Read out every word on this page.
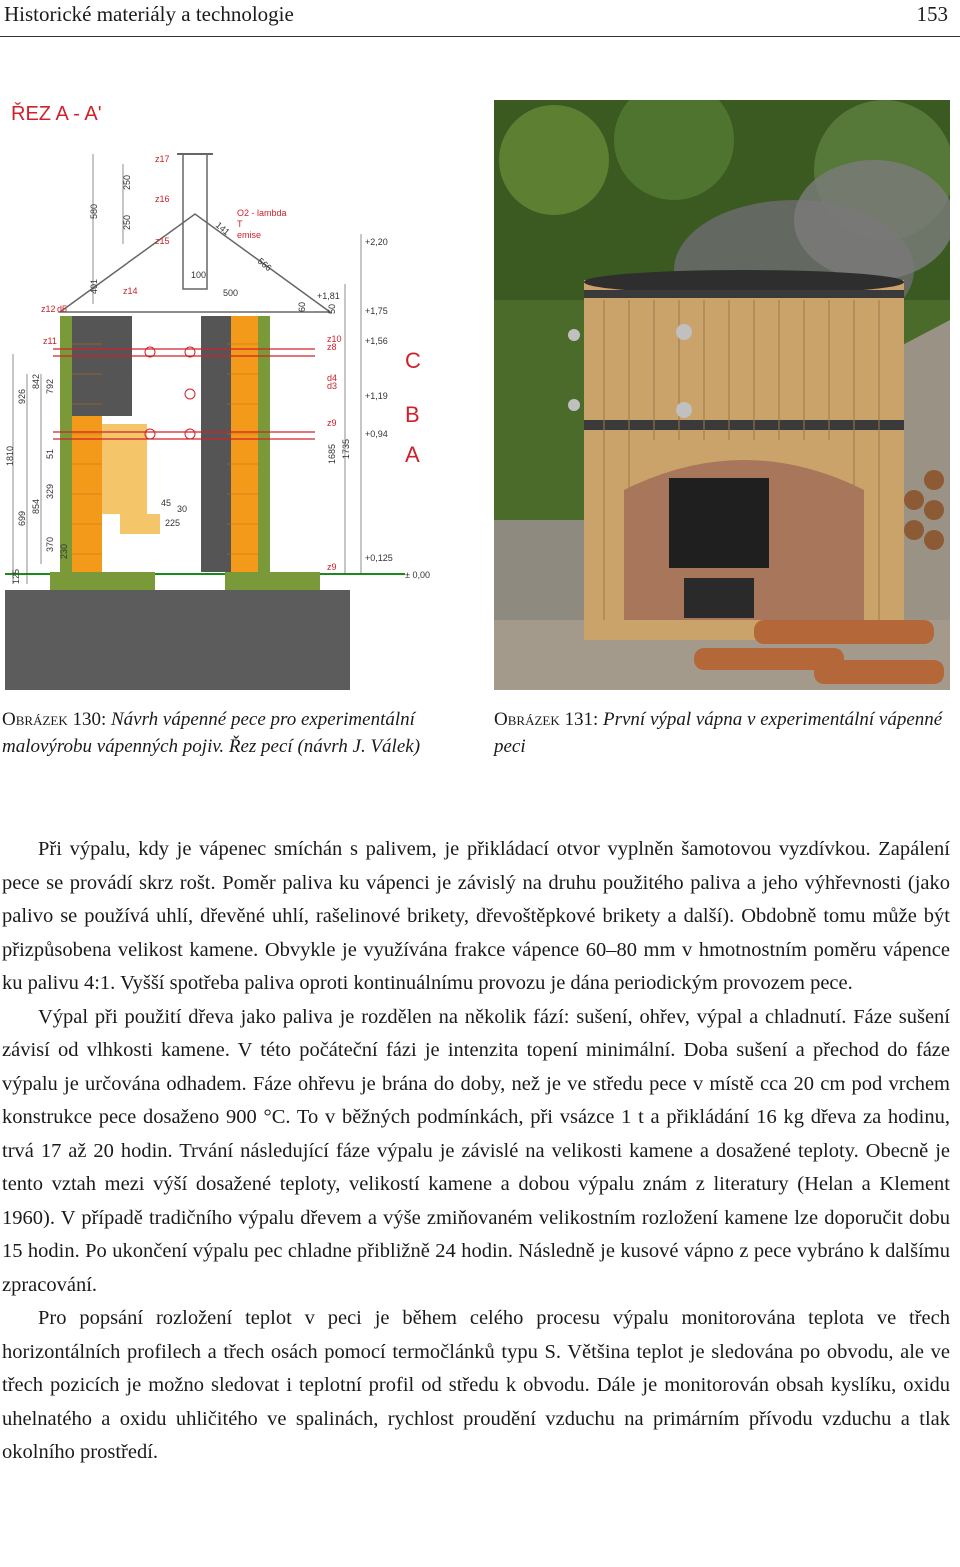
Historické materiály a technologie	153
ŘEZ A - A'
+2,20
+1,81
+1,75
+1,56
+1,19
+0,94
+0,125
± 0,00
z17
z16
z15
z14
z12 d5
z11	z10
z8
d4
d3
z9
z9
580
250
250
401
926
842 792
1810	51
699
854
329
370 230
125
100
500
60 50
1685 1735
45
30
225
141
566
O2 - lambda
T
emise
C
B
A
Obrázek 130: Návrh vápenné pece pro experimentální malovýrobu vápenných pojiv. Řez pecí (návrh J. Válek)
Obrázek 131: První výpal vápna v experimentální vápenné peci

Při výpalu, kdy je vápenec smíchán s palivem, je přikládací otvor vyplněn šamotovou vyzdívkou. Zapálení pece se provádí skrz rošt. Poměr paliva ku vápenci je závislý na druhu použitého paliva a jeho výhřevnosti (jako palivo se používá uhlí, dřevěné uhlí, rašelinové brikety, dřevoštěpkové brikety a další). Obdobně tomu může být přizpůsobena velikost kamene. Obvykle je využívána frakce vápence 60–80 mm v hmotnostním poměru vápence ku palivu 4:1. Vyšší spotřeba paliva oproti kontinuálnímu provozu je dána periodickým provozem pece.

Výpal při použití dřeva jako paliva je rozdělen na několik fází: sušení, ohřev, výpal a chladnutí. Fáze sušení závisí od vlhkosti kamene. V této počáteční fázi je intenzita topení minimální. Doba sušení a přechod do fáze výpalu je určována odhadem. Fáze ohřevu je brána do doby, než je ve středu pece v místě cca 20 cm pod vrchem konstrukce pece dosaženo 900 °C. To v běžných podmínkách, při vsázce 1 t a přikládání 16 kg dřeva za hodinu, trvá 17 až 20 hodin. Trvání následující fáze výpalu je závislé na velikosti kamene a dosažené teploty. Obecně je tento vztah mezi výší dosažené teploty, velikostí kamene a dobou výpalu znám z literatury (Helan a Klement 1960). V případě tradičního výpalu dřevem a výše zmiňovaném velikostním rozložení kamene lze doporučit dobu 15 hodin. Po ukončení výpalu pec chladne přibližně 24 hodin. Následně je kusové vápno z pece vybráno k dalšímu zpracování.

Pro popsání rozložení teplot v peci je během celého procesu výpalu monitorována teplota ve třech horizontálních profilech a třech osách pomocí termočlánků typu S. Většina teplot je sledována po obvodu, ale ve třech pozicích je možno sledovat i teplotní profil od středu k obvodu. Dále je monitorován obsah kyslíku, oxidu uhelnatého a oxidu uhličitého ve spalinách, rychlost proudění vzduchu na primárním přívodu vzduchu a tlak okolního prostředí.
